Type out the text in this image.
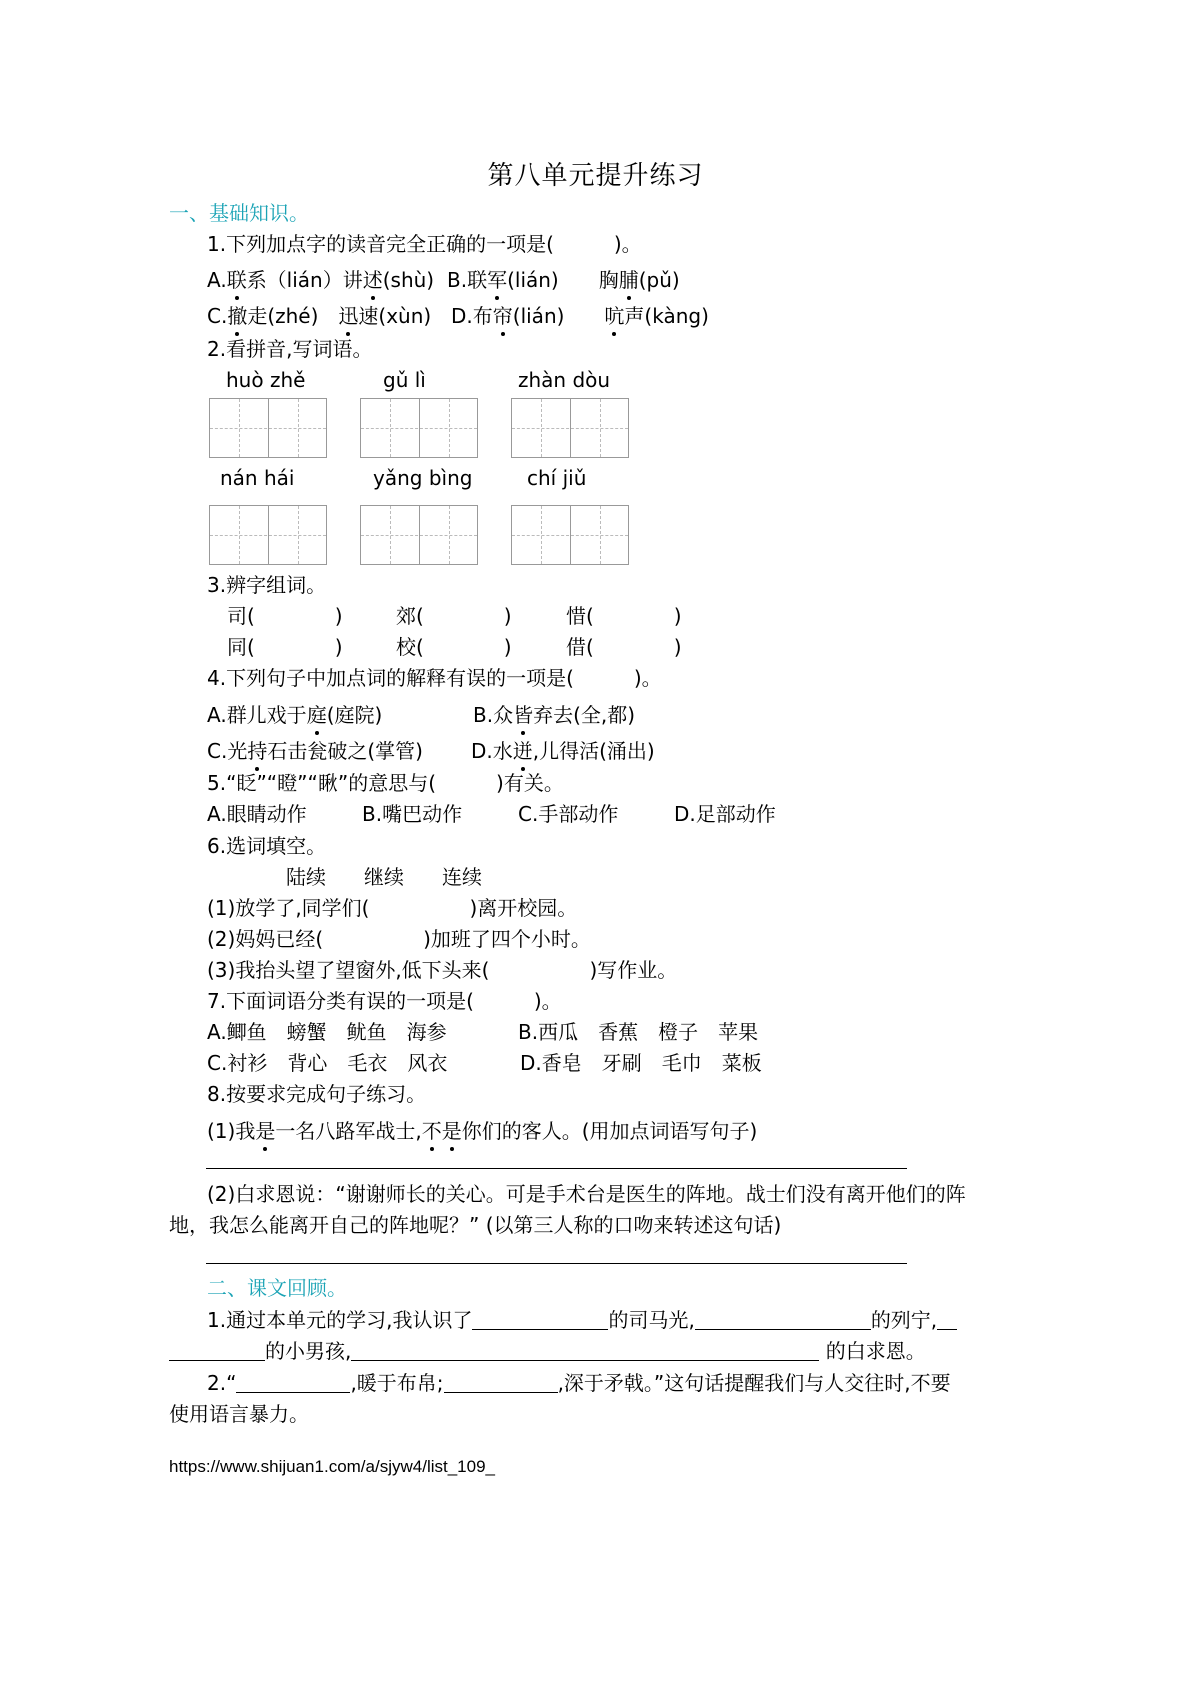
第八单元提升练习
一、基础知识。
1.下列加点字的读音完全正确的一项是(　　　)。
A.联系（lián）讲述(shù) B.联军(lián)　　胸脯(pǔ)
C.撤走(zhé)　迅速(xùn) D.布帘(lián)　　吭声(kàng)
2.看拼音,写词语。
huò zhě	gǔ lì	zhàn dòu
nán hái	yǎng bìng	chí jiǔ
3.辨字组词。
司(　　　　)	郊(　　　　)	惜(　　　　)
同(　　　　)	校(　　　　)	借(　　　　)
4.下列句子中加点词的解释有误的一项是(　　　)。
A.群儿戏于庭(庭院)	B.众皆弃去(全,都)
C.光持石击瓮破之(掌管) D.水迸,儿得活(涌出)
5.“眨”“瞪”“瞅”的意思与(　　　)有关。
A.眼睛动作	B.嘴巴动作	C.手部动作	D.足部动作
6.选词填空。
陆续 继续 连续
(1)放学了,同学们(　　　　　)离开校园。
(2)妈妈已经(　　　　　)加班了四个小时。
(3)我抬头望了望窗外,低下头来(　　　　　)写作业。
7.下面词语分类有误的一项是(　　　)。
A.鲫鱼　螃蟹　鱿鱼　海参	B.西瓜　香蕉　橙子　苹果
C.衬衫　背心　毛衣　风衣	D.香皂　牙刷　毛巾　菜板
8.按要求完成句子练习。
(1)我是一名八路军战士,不是你们的客人。(用加点词语写句子)
(2)白求恩说：“谢谢师长的关心。可是手术台是医生的阵地。战士们没有离开他们的阵
地，我怎么能离开自己的阵地呢？” (以第三人称的口吻来转述这句话)
二、课文回顾。
1.通过本单元的学习,我认识了	的司马光,	的列宁,
的小男孩,	的白求恩。
2.“	,暖于布帛;	,深于矛戟。”这句话提醒我们与人交往时,不要
使用语言暴力。
https://www.shijuan1.com/a/sjyw4/list_109_
